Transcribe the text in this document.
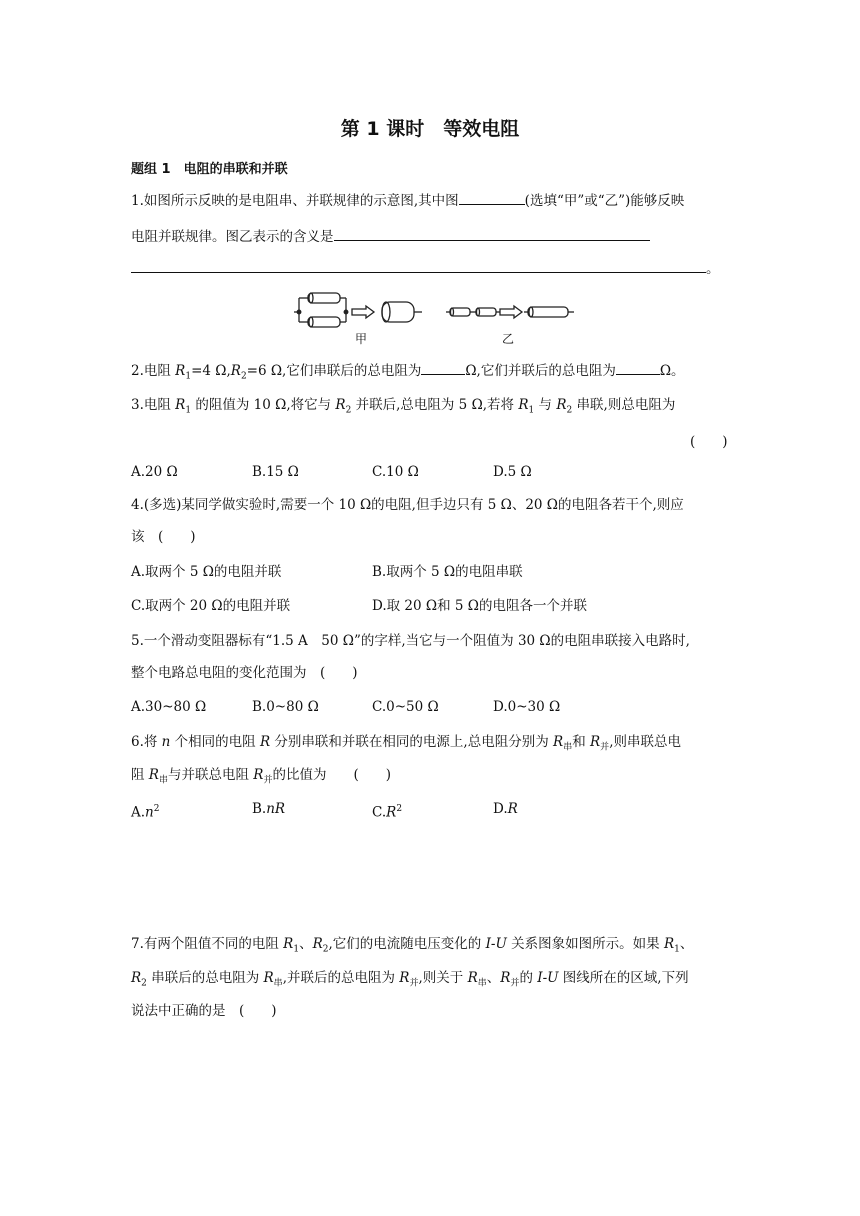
第 1 课时　等效电阻
题组 1　电阻的串联和并联
1.如图所示反映的是电阻串、并联规律的示意图,其中图	(选填“甲”或“乙”)能够反映
电阻并联规律。图乙表示的含义是
。
甲	乙
2.电阻 $R_1=4$ $\Omega,R_2=6$ Ω,它们串联后的总电阻为	Ω,它们并联后的总电阻为	Ω。
3.电阻 $R_1$ 的阻值为 10 Ω,将它与 $R_2$ 并联后,总电阻为 5 Ω,若将 $R_1$ 与 $R_2$ 串联,则总电阻为
(　　)
A.20 Ω	B.15 Ω	C.10 Ω	D.5 Ω
4.(多选)某同学做实验时,需要一个 10 Ω的电阻,但手边只有 5 Ω、20 Ω的电阻各若干个,则应
该　(　　)
A.取两个 5 Ω的电阻并联	B.取两个 5 Ω的电阻串联
C.取两个 20 Ω的电阻并联	D.取 20 Ω和 5 Ω的电阻各一个并联
5.一个滑动变阻器标有“1.5 A　50 Ω”的字样,当它与一个阻值为 30 Ω的电阻串联接入电路时,
整个电路总电阻的变化范围为　(　　)
A.30~80 Ω	B.0~80 Ω	C.0~50 Ω	D.0~30 Ω
6.将 n 个相同的电阻 R 分别串联和并联在相同的电源上,总电阻分别为 $R_串$和 $R_并$,则串联总电
阻 $R_串$与并联总电阻 $R_并$的比值为　　(　　)
$A.n^2$	B.nR	$C.R^2$	D.R
7.有两个阻值不同的电阻 $R_1$、$R_2$,它们的电流随电压变化的 I-U 关系图象如图所示。如果 $R_1$、
$R_2$ 串联后的总电阻为 $R_串$,并联后的总电阻为 $R_并$,则关于 $R_串$、$R_并$的 I-U 图线所在的区域,下列
说法中正确的是　(　　)
